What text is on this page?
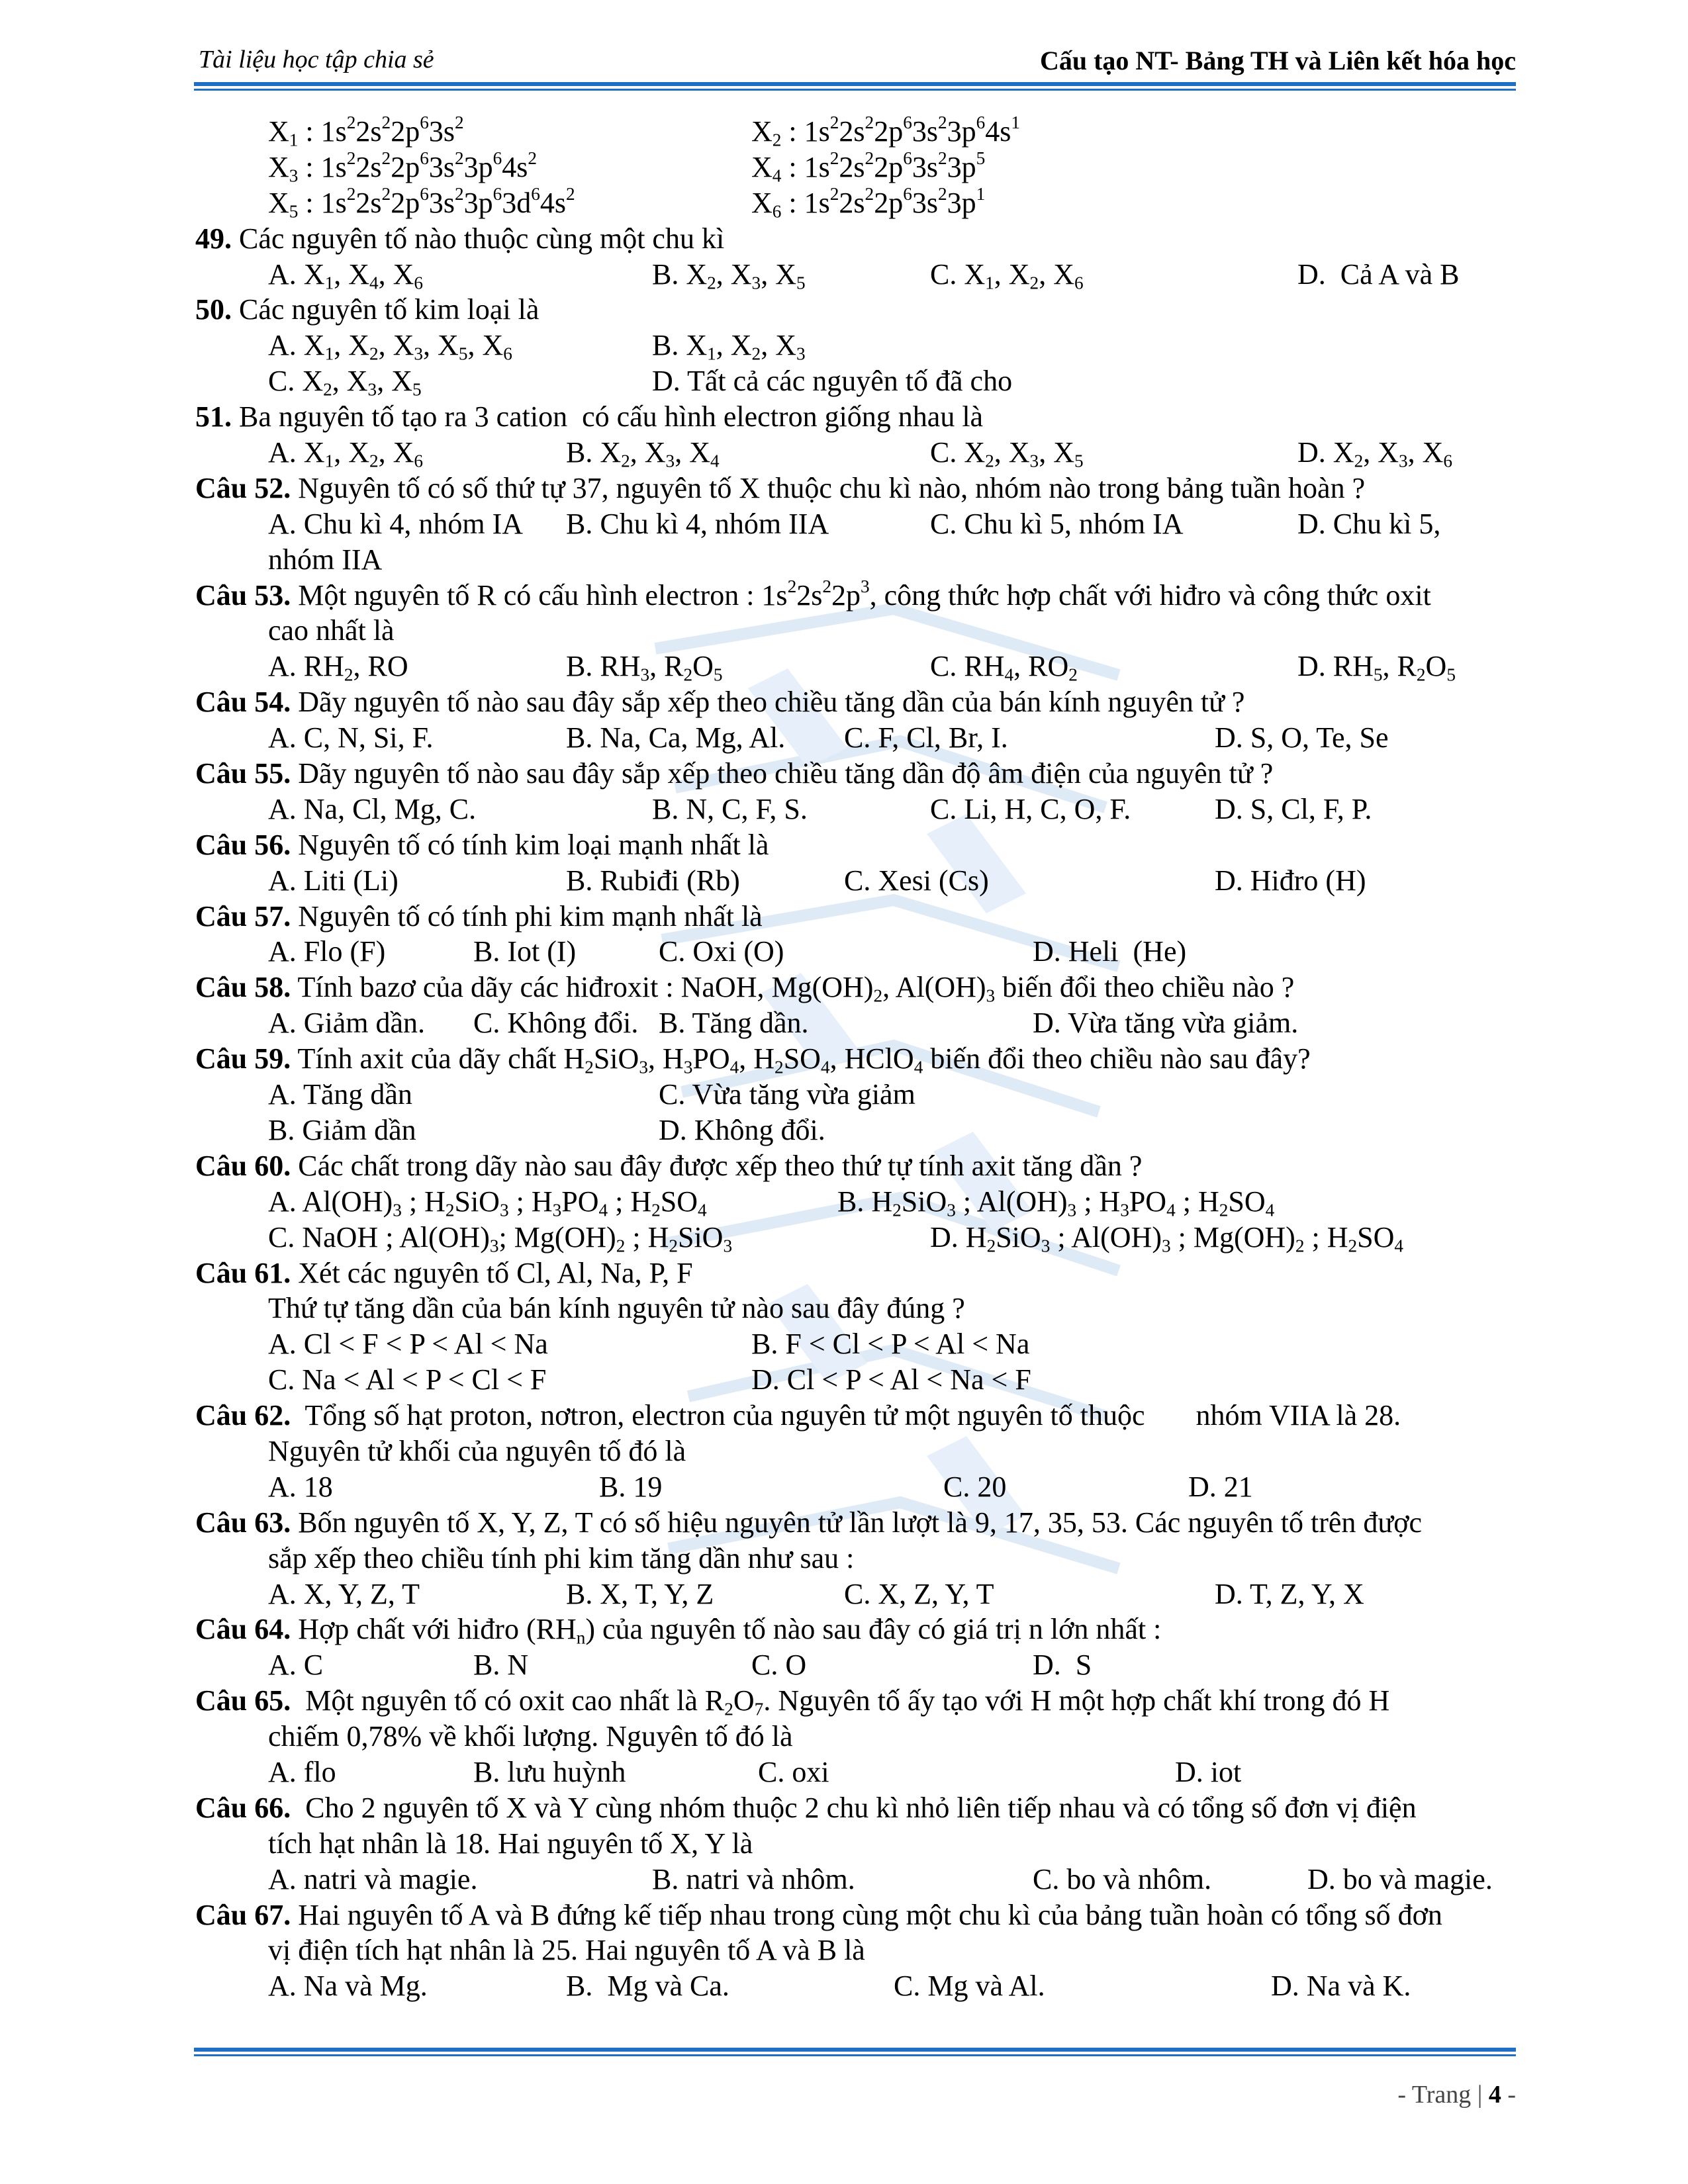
Tài liệu học tập chia sẻ	Cấu tạo NT- Bảng TH và Liên kết hóa học
$X_1$ : $1s^22s^22p^63s^2$	$X_2$ : $1s^22s^22p^63s^23p^64s^1$
$X_3$ : $1s^22s^22p^63s^23p^64s^2$	$X_4$ : $1s^22s^22p^63s^23p^5$
$X_5$ : $1s^22s^22p^63s^23p^63d^64s^2$	$X_6$ : $1s^22s^22p^63s^23p^1$
49. Các nguyên tố nào thuộc cùng một chu kì
A. $X_1$, $X_4$, $X_6$	B. $X_2$, $X_3$, $X_5$	C. $X_1$, $X_2$, $X_6$	D.  Cả A và B
50. Các nguyên tố kim loại là
A. $X_1$, $X_2$, $X_3$, $X_5$, $X_6$	B. $X_1$, $X_2$, $X_3$
C. $X_2$, $X_3$, $X_5$	D. Tất cả các nguyên tố đã cho
51. Ba nguyên tố tạo ra 3 cation  có cấu hình electron giống nhau là
A. $X_1$, $X_2$, $X_6$	B. $X_2$, $X_3$, $X_4$	C. $X_2$, $X_3$, $X_5$	D. $X_2$, $X_3$, $X_6$
Câu 52. Nguyên tố có số thứ tự 37, nguyên tố X thuộc chu kì nào, nhóm nào trong bảng tuần hoàn ?
A. Chu kì 4, nhóm IA B. Chu kì 4, nhóm IIA	C. Chu kì 5, nhóm IA	D. Chu kì 5,
nhóm IIA
Câu 53. Một nguyên tố R có cấu hình electron : $1s^22s^22p^3$, công thức hợp chất với hiđro và công thức oxit
cao nhất là
A. $RH_2$, RO	B. $RH_3$, $R_2O_5$	C. $RH_4$, $RO_2$	D. $RH_5$, $R_2O_5$
Câu 54. Dãy nguyên tố nào sau đây sắp xếp theo chiều tăng dần của bán kính nguyên tử ?
A. C, N, Si, F.	B. Na, Ca, Mg, Al. C. F, Cl, Br, I.	D. S, O, Te, Se
Câu 55. Dãy nguyên tố nào sau đây sắp xếp theo chiều tăng dần độ âm điện của nguyên tử ?
A. Na, Cl, Mg, C.	B. N, C, F, S.	C. Li, H, C, O, F.	D. S, Cl, F, P.
Câu 56. Nguyên tố có tính kim loại mạnh nhất là
A. Liti (Li)	B. Rubiđi (Rb)	C. Xesi (Cs)	D. Hiđro (H)
Câu 57. Nguyên tố có tính phi kim mạnh nhất là
A. Flo (F)	B. Iot (I)	C. Oxi (O)	D. Heli  (He)
Câu 58. Tính bazơ của dãy các hiđroxit : NaOH, $Mg(OH)_2$, $Al(OH)_3$ biến đổi theo chiều nào ?
A. Giảm dần. C. Không đổi. B. Tăng dần.	D. Vừa tăng vừa giảm.
Câu 59. Tính axit của dãy chất $H_2SiO_3$, $H_3PO_4$, $H_2SO_4$, HClO$_4$ biến đổi theo chiều nào sau đây?
A. Tăng dần	C. Vừa tăng vừa giảm
B. Giảm dần	D. Không đổi.
Câu 60. Các chất trong dãy nào sau đây được xếp theo thứ tự tính axit tăng dần ?
A. $Al(OH)_3$ ; $H_2SiO_3$ ; $H_3PO_4$ ; $H_2SO_4$	B. $H_2SiO_3$ ; $Al(OH)_3$ ; $H_3PO_4$ ; $H_2SO_4$
C. NaOH ; $Al(OH)_3$; $Mg(OH)_2$ ; $H_2SiO_3$	D. $H_2SiO_3$ ; $Al(OH)_3$ ; $Mg(OH)_2$ ; $H_2SO_4$
Câu 61. Xét các nguyên tố Cl, Al, Na, P, F
Thứ tự tăng dần của bán kính nguyên tử nào sau đây đúng ?
A. Cl < F < P < Al < Na	B. F < Cl < P < Al < Na
C. Na < Al < P < Cl < F	D. Cl < P < Al < Na < F
Câu 62.  Tổng số hạt proton, nơtron, electron của nguyên tử một nguyên tố thuộc       nhóm VIIA là 28.
Nguyên tử khối của nguyên tố đó là
A. 18	B. 19	C. 20	D. 21
Câu 63. Bốn nguyên tố X, Y, Z, T có số hiệu nguyên tử lần lượt là 9, 17, 35, 53. Các nguyên tố trên được
sắp xếp theo chiều tính phi kim tăng dần như sau :
A. X, Y, Z, T	B. X, T, Y, Z	C. X, Z, Y, T	D. T, Z, Y, X
Câu 64. Hợp chất với hiđro $(RH_n)$ của nguyên tố nào sau đây có giá trị n lớn nhất :
A. C	B. N	C. O	D.  S
Câu 65.  Một nguyên tố có oxit cao nhất là $R_2O_7$. Nguyên tố ấy tạo với H một hợp chất khí trong đó H
chiếm 0,78% về khối lượng. Nguyên tố đó là
A. flo	B. lưu huỳnh	C. oxi	D. iot
Câu 66.  Cho 2 nguyên tố X và Y cùng nhóm thuộc 2 chu kì nhỏ liên tiếp nhau và có tổng số đơn vị điện
tích hạt nhân là 18. Hai nguyên tố X, Y là
A. natri và magie.	B. natri và nhôm.	C. bo và nhôm.	D. bo và magie.
Câu 67. Hai nguyên tố A và B đứng kế tiếp nhau trong cùng một chu kì của bảng tuần hoàn có tổng số đơn
vị điện tích hạt nhân là 25. Hai nguyên tố A và B là
A. Na và Mg.	B.  Mg và Ca.	C. Mg và Al.	D. Na và K.
- Trang | 4 -
